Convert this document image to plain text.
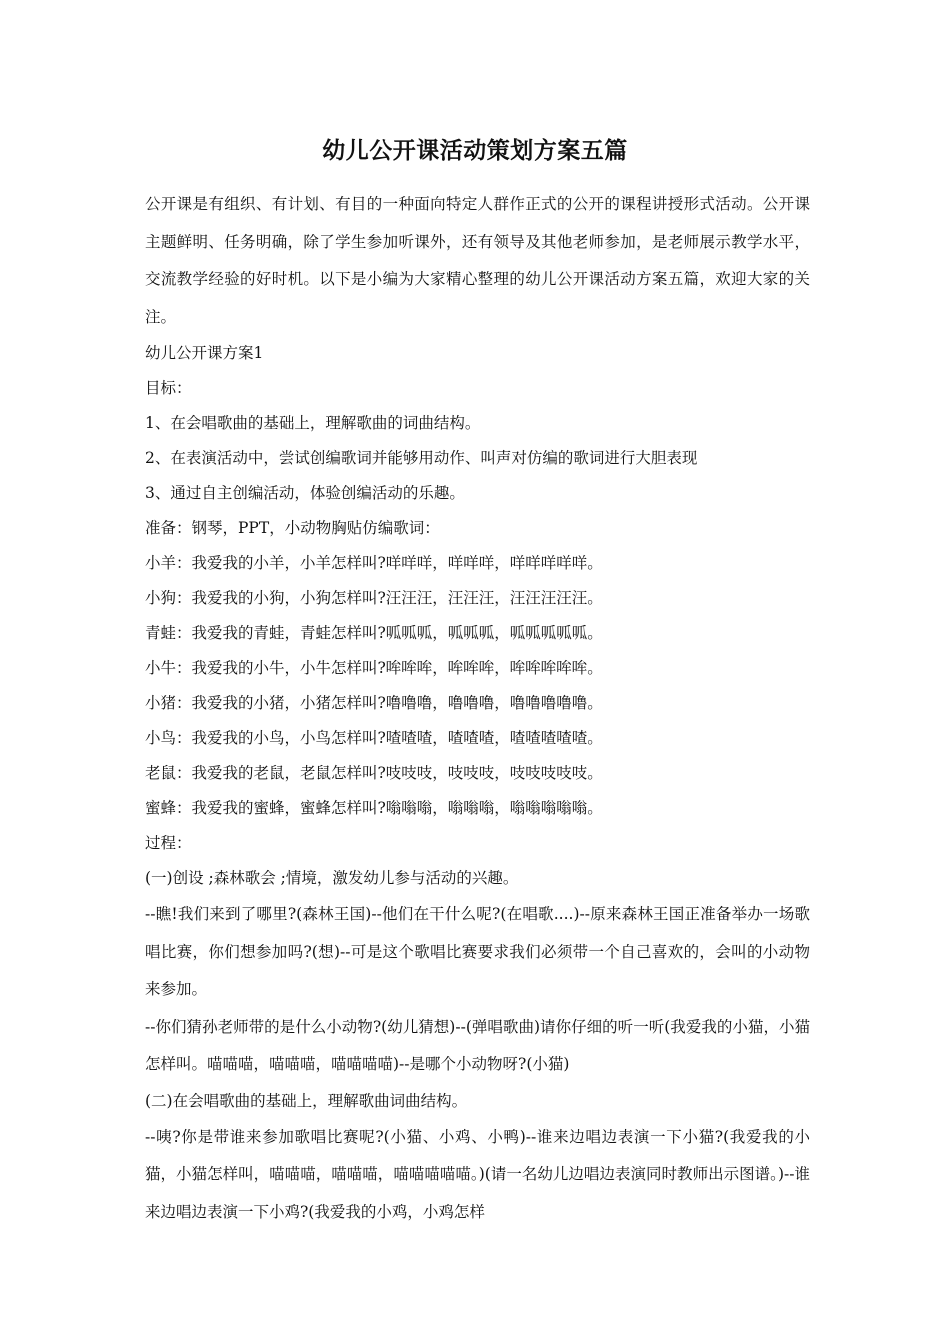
幼儿公开课活动策划方案五篇

公开课是有组织、有计划、有目的一种面向特定人群作正式的公开的课程讲授形式活动。公开课主题鲜明、任务明确，除了学生参加听课外，还有领导及其他老师参加，是老师展示教学水平，交流教学经验的好时机。以下是小编为大家精心整理的幼儿公开课活动方案五篇，欢迎大家的关注。

幼儿公开课方案1

目标：

1、在会唱歌曲的基础上，理解歌曲的词曲结构。

2、在表演活动中，尝试创编歌词并能够用动作、叫声对仿编的歌词进行大胆表现

3、通过自主创编活动，体验创编活动的乐趣。

准备：钢琴，PPT，小动物胸贴仿编歌词：

小羊：我爱我的小羊，小羊怎样叫?咩咩咩，咩咩咩，咩咩咩咩咩。

小狗：我爱我的小狗，小狗怎样叫?汪汪汪，汪汪汪，汪汪汪汪汪。

青蛙：我爱我的青蛙，青蛙怎样叫?呱呱呱，呱呱呱，呱呱呱呱呱。

小牛：我爱我的小牛，小牛怎样叫?哞哞哞，哞哞哞，哞哞哞哞哞。

小猪：我爱我的小猪，小猪怎样叫?噜噜噜，噜噜噜，噜噜噜噜噜。

小鸟：我爱我的小鸟，小鸟怎样叫?喳喳喳，喳喳喳，喳喳喳喳喳。

老鼠：我爱我的老鼠，老鼠怎样叫?吱吱吱，吱吱吱，吱吱吱吱吱。

蜜蜂：我爱我的蜜蜂，蜜蜂怎样叫?嗡嗡嗡，嗡嗡嗡，嗡嗡嗡嗡嗡。

过程：

(一)创设 ;森林歌会 ;情境，激发幼儿参与活动的兴趣。

--瞧!我们来到了哪里?(森林王国)--他们在干什么呢?(在唱歌....)--原来森林王国正准备举办一场歌唱比赛，你们想参加吗?(想)--可是这个歌唱比赛要求我们必须带一个自己喜欢的，会叫的小动物来参加。

--你们猜孙老师带的是什么小动物?(幼儿猜想)--(弹唱歌曲)请你仔细的听一听(我爱我的小猫，小猫怎样叫。喵喵喵，喵喵喵，喵喵喵喵)--是哪个小动物呀?(小猫)

(二)在会唱歌曲的基础上，理解歌曲词曲结构。

--咦?你是带谁来参加歌唱比赛呢?(小猫、小鸡、小鸭)--谁来边唱边表演一下小猫?(我爱我的小猫，小猫怎样叫，喵喵喵，喵喵喵，喵喵喵喵喵。)(请一名幼儿边唱边表演同时教师出示图谱。)--谁来边唱边表演一下小鸡?(我爱我的小鸡，小鸡怎样
